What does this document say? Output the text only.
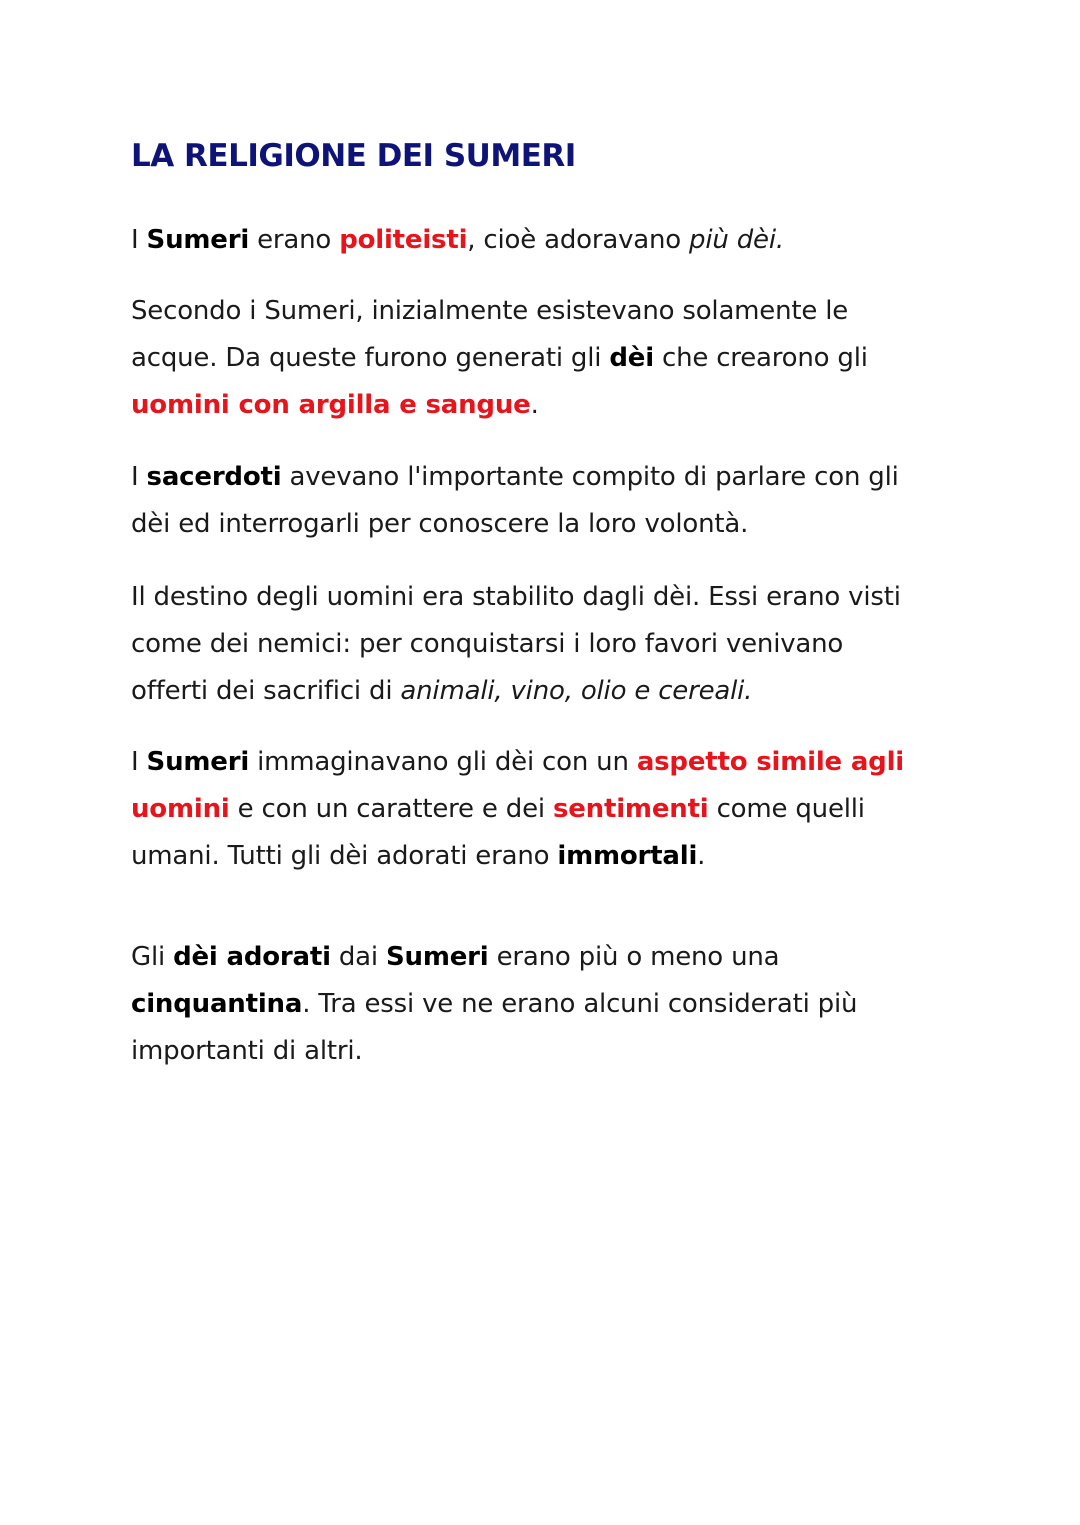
LA RELIGIONE DEI SUMERI

I Sumeri erano politeisti, cioè adoravano più dèi.

Secondo i Sumeri, inizialmente esistevano solamente le
acque. Da queste furono generati gli dèi che crearono gli
uomini con argilla e sangue.

I sacerdoti avevano l'importante compito di parlare con gli
dèi ed interrogarli per conoscere la loro volontà.

Il destino degli uomini era stabilito dagli dèi. Essi erano visti
come dei nemici: per conquistarsi i loro favori venivano
offerti dei sacrifici di animali, vino, olio e cereali.

I Sumeri immaginavano gli dèi con un aspetto simile agli
uomini e con un carattere e dei sentimenti come quelli
umani. Tutti gli dèi adorati erano immortali.

Gli dèi adorati dai Sumeri erano più o meno una
cinquantina. Tra essi ve ne erano alcuni considerati più
importanti di altri.
